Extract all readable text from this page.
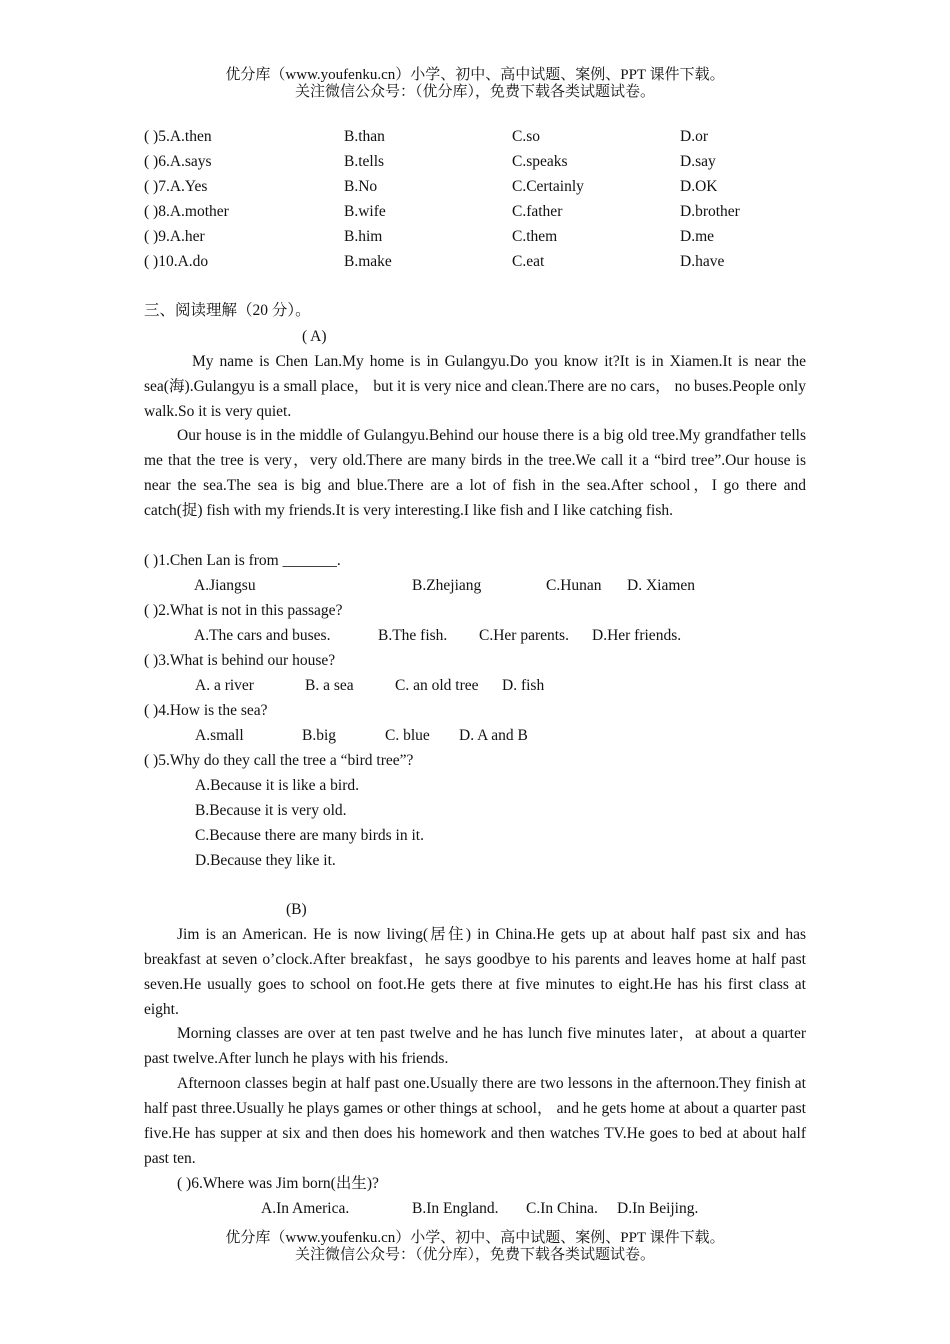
优分库（www.youfenku.cn）小学、初中、高中试题、案例、PPT 课件下载。
关注微信公众号：（优分库），免费下载各类试题试卷。
( )5.A.then	B.than	C.so	D.or
( )6.A.says	B.tells	C.speaks	D.say
( )7.A.Yes	B.No	C.Certainly	D.OK
( )8.A.mother	B.wife	C.father	D.brother
( )9.A.her	B.him	C.them	D.me
( )10.A.do	B.make	C.eat	D.have
三、阅读理解（20 分）。
( A)
My name is Chen Lan.My home is in Gulangyu.Do you know it?It is in Xiamen.It is near the sea(海).Gulangyu is a small place， but it is very nice and clean.There are no cars， no buses.People only walk.So it is very quiet.
Our house is in the middle of Gulangyu.Behind our house there is a big old tree.My grandfather tells me that the tree is very，very old.There are many birds in the tree.We call it a “bird tree”.Our house is near the sea.The sea is big and blue.There are a lot of fish in the sea.After school，I go there and catch(捉) fish with my friends.It is very interesting.I like fish and I like catching fish.
( )1.Chen Lan is from _______.
A.Jiangsu	B.Zhejiang	C.Hunan D. Xiamen
( )2.What is not in this passage?
A.The cars and buses.	B.The fish. C.Her parents. D.Her friends.
( )3.What is behind our house?
A. a river	B. a sea	C. an old tree D. fish
( )4.How is the sea?
A.small	B.big	C. blue D. A and B
( )5.Why do they call the tree a “bird tree”?
A.Because it is like a bird.
B.Because it is very old.
C.Because there are many birds in it.
D.Because they like it.
(B)
Jim is an American. He is now living(居住) in China.He gets up at about half past six and has breakfast at seven o’clock.After breakfast，he says goodbye to his parents and leaves home at half past seven.He usually goes to school on foot.He gets there at five minutes to eight.He has his first class at eight.
Morning classes are over at ten past twelve and he has lunch five minutes later，at about a quarter past twelve.After lunch he plays with his friends.
Afternoon classes begin at half past one.Usually there are two lessons in the afternoon.They finish at half past three.Usually he plays games or other things at school， and he gets home at about a quarter past five.He has supper at six and then does his homework and then watches TV.He goes to bed at about half past ten.
( )6.Where was Jim born(出生)?
A.In America.	B.In England. C.In China. D.In Beijing.
优分库（www.youfenku.cn）小学、初中、高中试题、案例、PPT 课件下载。
关注微信公众号：（优分库），免费下载各类试题试卷。
